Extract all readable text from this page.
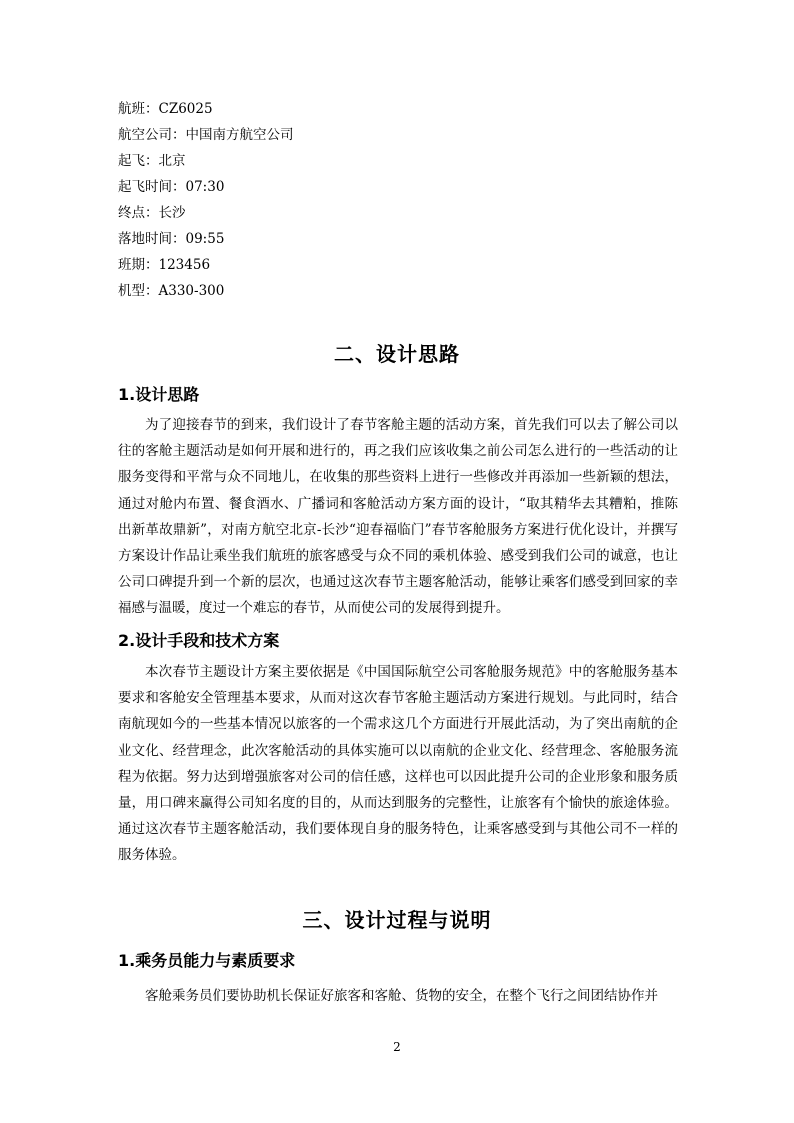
航班：CZ6025
航空公司：中国南方航空公司
起飞：北京
起飞时间：07:30
终点：长沙
落地时间：09:55
班期：123456
机型：A330-300
二、设计思路
1.设计思路

为了迎接春节的到来，我们设计了春节客舱主题的活动方案，首先我们可以去了解公司以往的客舱主题活动是如何开展和进行的，再之我们应该收集之前公司怎么进行的一些活动的让服务变得和平常与众不同地儿，在收集的那些资料上进行一些修改并再添加一些新颖的想法，通过对舱内布置、餐食酒水、广播词和客舱活动方案方面的设计，“取其精华去其糟粕，推陈出新革故鼎新”，对南方航空北京-长沙“迎春福临门”春节客舱服务方案进行优化设计，并撰写方案设计作品让乘坐我们航班的旅客感受与众不同的乘机体验、感受到我们公司的诚意，也让公司口碑提升到一个新的层次，也通过这次春节主题客舱活动，能够让乘客们感受到回家的幸福感与温暖，度过一个难忘的春节，从而使公司的发展得到提升。

2.设计手段和技术方案

本次春节主题设计方案主要依据是《中国国际航空公司客舱服务规范》中的客舱服务基本要求和客舱安全管理基本要求，从而对这次春节客舱主题活动方案进行规划。与此同时，结合南航现如今的一些基本情况以旅客的一个需求这几个方面进行开展此活动，为了突出南航的企业文化、经营理念，此次客舱活动的具体实施可以以南航的企业文化、经营理念、客舱服务流程为依据。努力达到增强旅客对公司的信任感，这样也可以因此提升公司的企业形象和服务质量，用口碑来赢得公司知名度的目的，从而达到服务的完整性，让旅客有个愉快的旅途体验。通过这次春节主题客舱活动，我们要体现自身的服务特色，让乘客感受到与其他公司不一样的服务体验。

三、设计过程与说明
1.乘务员能力与素质要求

客舱乘务员们要协助机长保证好旅客和客舱、货物的安全，在整个飞行之间团结协作并

2
